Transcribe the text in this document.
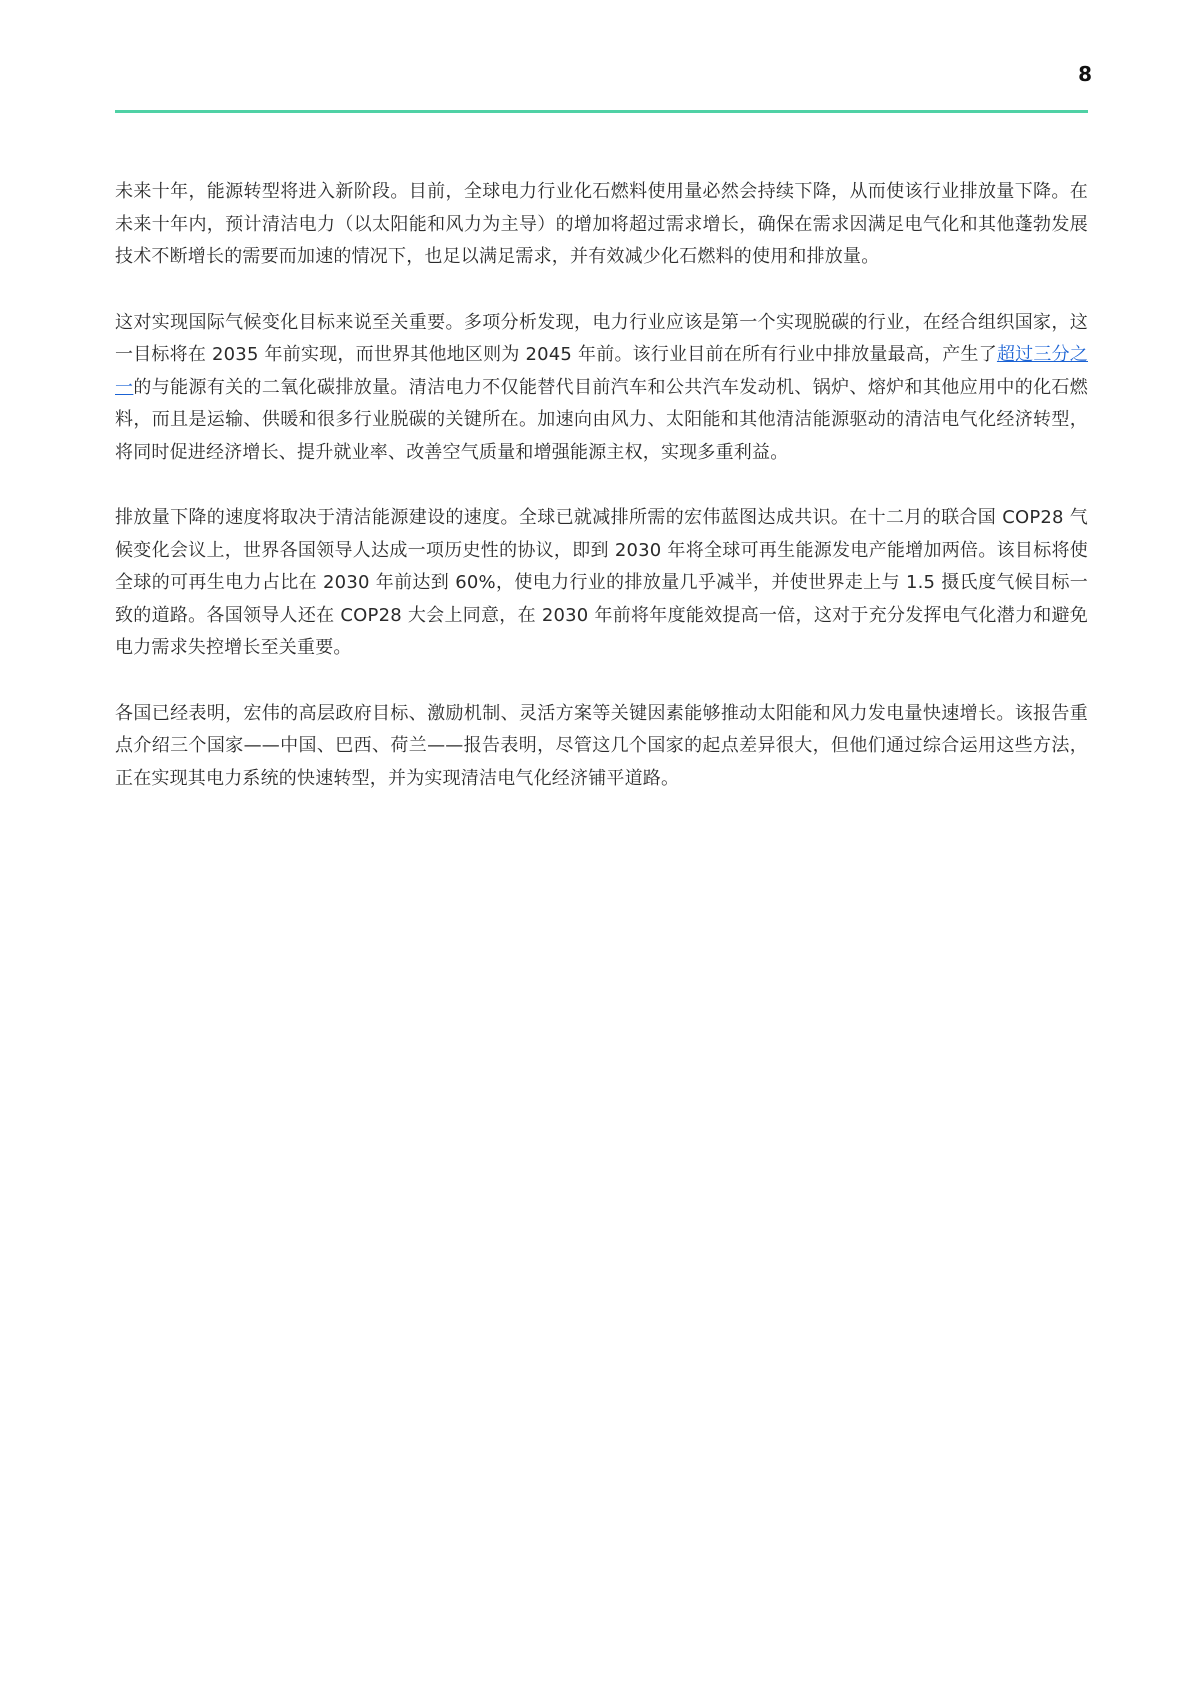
8

未来十年，能源转型将进入新阶段。目前，全球电力行业化石燃料使用量必然会持续下降，从而使该行业排放量下降。在未来十年内，预计清洁电力（以太阳能和风力为主导）的增加将超过需求增长，确保在需求因满足电气化和其他蓬勃发展技术不断增长的需要而加速的情况下，也足以满足需求，并有效减少化石燃料的使用和排放量。

这对实现国际气候变化目标来说至关重要。多项分析发现，电力行业应该是第一个实现脱碳的行业，在经合组织国家，这一目标将在 2035 年前实现，而世界其他地区则为 2045 年前。该行业目前在所有行业中排放量最高，产生了超过三分之一的与能源有关的二氧化碳排放量。清洁电力不仅能替代目前汽车和公共汽车发动机、锅炉、熔炉和其他应用中的化石燃料，而且是运输、供暖和很多行业脱碳的关键所在。加速向由风力、太阳能和其他清洁能源驱动的清洁电气化经济转型，将同时促进经济增长、提升就业率、改善空气质量和增强能源主权，实现多重利益。

排放量下降的速度将取决于清洁能源建设的速度。全球已就减排所需的宏伟蓝图达成共识。在十二月的联合国 COP28 气候变化会议上，世界各国领导人达成一项历史性的协议，即到 2030 年将全球可再生能源发电产能增加两倍。该目标将使全球的可再生电力占比在 2030 年前达到 60%，使电力行业的排放量几乎减半，并使世界走上与 1.5 摄氏度气候目标一致的道路。各国领导人还在 COP28 大会上同意，在 2030 年前将年度能效提高一倍，这对于充分发挥电气化潜力和避免电力需求失控增长至关重要。

各国已经表明，宏伟的高层政府目标、激励机制、灵活方案等关键因素能够推动太阳能和风力发电量快速增长。该报告重点介绍三个国家——中国、巴西、荷兰——报告表明，尽管这几个国家的起点差异很大，但他们通过综合运用这些方法，正在实现其电力系统的快速转型，并为实现清洁电气化经济铺平道路。
